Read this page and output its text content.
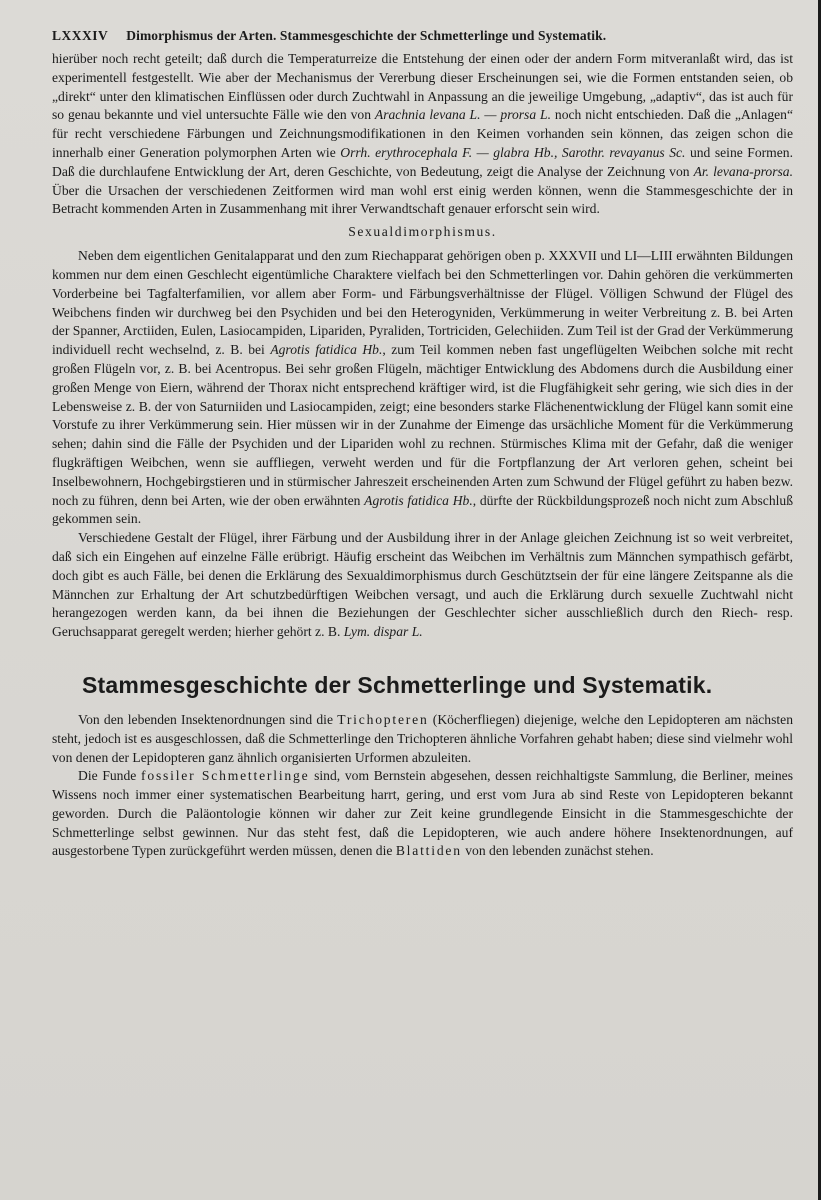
LXXXIV Dimorphismus der Arten. Stammesgeschichte der Schmetterlinge und Systematik.

hierüber noch recht geteilt; daß durch die Temperaturreize die Entstehung der einen oder der andern Form mitveranlaßt wird, das ist experimentell festgestellt. Wie aber der Mechanismus der Vererbung dieser Erscheinungen sei, wie die Formen entstanden seien, ob „direkt“ unter den klimatischen Einflüssen oder durch Zuchtwahl in Anpassung an die jeweilige Umgebung, „adaptiv“, das ist auch für so genau bekannte und viel untersuchte Fälle wie den von Arachnia levana L. — prorsa L. noch nicht entschieden. Daß die „Anlagen“ für recht verschiedene Färbungen und Zeichnungsmodifikationen in den Keimen vorhanden sein können, das zeigen schon die innerhalb einer Generation polymorphen Arten wie Orrh. erythrocephala F. — glabra Hb., Sarothr. revayanus Sc. und seine Formen. Daß die durchlaufene Entwicklung der Art, deren Geschichte, von Bedeutung, zeigt die Analyse der Zeichnung von Ar. levana-prorsa. Über die Ursachen der verschiedenen Zeitformen wird man wohl erst einig werden können, wenn die Stammesgeschichte der in Betracht kommenden Arten in Zusammenhang mit ihrer Verwandtschaft genauer erforscht sein wird.

Sexualdimorphismus.

Neben dem eigentlichen Genitalapparat und den zum Riechapparat gehörigen oben p. XXXVII und LI—LIII erwähnten Bildungen kommen nur dem einen Geschlecht eigentümliche Charaktere vielfach bei den Schmetterlingen vor. Dahin gehören die verkümmerten Vorderbeine bei Tagfalterfamilien, vor allem aber Form- und Färbungsverhältnisse der Flügel. Völligen Schwund der Flügel des Weibchens finden wir durchweg bei den Psychiden und bei den Heterogyniden, Verkümmerung in weiter Verbreitung z. B. bei Arten der Spanner, Arctiiden, Eulen, Lasiocampiden, Lipariden, Pyraliden, Tortriciden, Gelechiiden. Zum Teil ist der Grad der Verkümmerung individuell recht wechselnd, z. B. bei Agrotis fatidica Hb., zum Teil kommen neben fast ungeflügelten Weibchen solche mit recht großen Flügeln vor, z. B. bei Acentropus. Bei sehr großen Flügeln, mächtiger Entwicklung des Abdomens durch die Ausbildung einer großen Menge von Eiern, während der Thorax nicht entsprechend kräftiger wird, ist die Flugfähigkeit sehr gering, wie sich dies in der Lebensweise z. B. der von Saturniiden und Lasiocampiden, zeigt; eine besonders starke Flächenentwicklung der Flügel kann somit eine Vorstufe zu ihrer Verkümmerung sein. Hier müssen wir in der Zunahme der Eimenge das ursächliche Moment für die Verkümmerung sehen; dahin sind die Fälle der Psychiden und der Lipariden wohl zu rechnen. Stürmisches Klima mit der Gefahr, daß die weniger flugkräftigen Weibchen, wenn sie auffliegen, verweht werden und für die Fortpflanzung der Art verloren gehen, scheint bei Inselbewohnern, Hochgebirgstieren und in stürmischer Jahreszeit erscheinenden Arten zum Schwund der Flügel geführt zu haben bezw. noch zu führen, denn bei Arten, wie der oben erwähnten Agrotis fatidica Hb., dürfte der Rückbildungsprozeß noch nicht zum Abschluß gekommen sein.

Verschiedene Gestalt der Flügel, ihrer Färbung und der Ausbildung ihrer in der Anlage gleichen Zeichnung ist so weit verbreitet, daß sich ein Eingehen auf einzelne Fälle erübrigt. Häufig erscheint das Weibchen im Verhältnis zum Männchen sympathisch gefärbt, doch gibt es auch Fälle, bei denen die Erklärung des Sexualdimorphismus durch Geschütztsein der für eine längere Zeitspanne als die Männchen zur Erhaltung der Art schutzbedürftigen Weibchen versagt, und auch die Erklärung durch sexuelle Zuchtwahl nicht herangezogen werden kann, da bei ihnen die Beziehungen der Geschlechter sicher ausschließlich durch den Riech- resp. Geruchsapparat geregelt werden; hierher gehört z. B. Lym. dispar L.

Stammesgeschichte der Schmetterlinge und Systematik.

Von den lebenden Insektenordnungen sind die Trichopteren (Köcherfliegen) diejenige, welche den Lepidopteren am nächsten steht, jedoch ist es ausgeschlossen, daß die Schmetterlinge den Trichopteren ähnliche Vorfahren gehabt haben; diese sind vielmehr wohl von denen der Lepidopteren ganz ähnlich organisierten Urformen abzuleiten.

Die Funde fossiler Schmetterlinge sind, vom Bernstein abgesehen, dessen reichhaltigste Sammlung, die Berliner, meines Wissens noch immer einer systematischen Bearbeitung harrt, gering, und erst vom Jura ab sind Reste von Lepidopteren bekannt geworden. Durch die Paläontologie können wir daher zur Zeit keine grundlegende Einsicht in die Stammesgeschichte der Schmetterlinge selbst gewinnen. Nur das steht fest, daß die Lepidopteren, wie auch andere höhere Insektenordnungen, auf ausgestorbene Typen zurückgeführt werden müssen, denen die Blattiden von den lebenden zunächst stehen.
